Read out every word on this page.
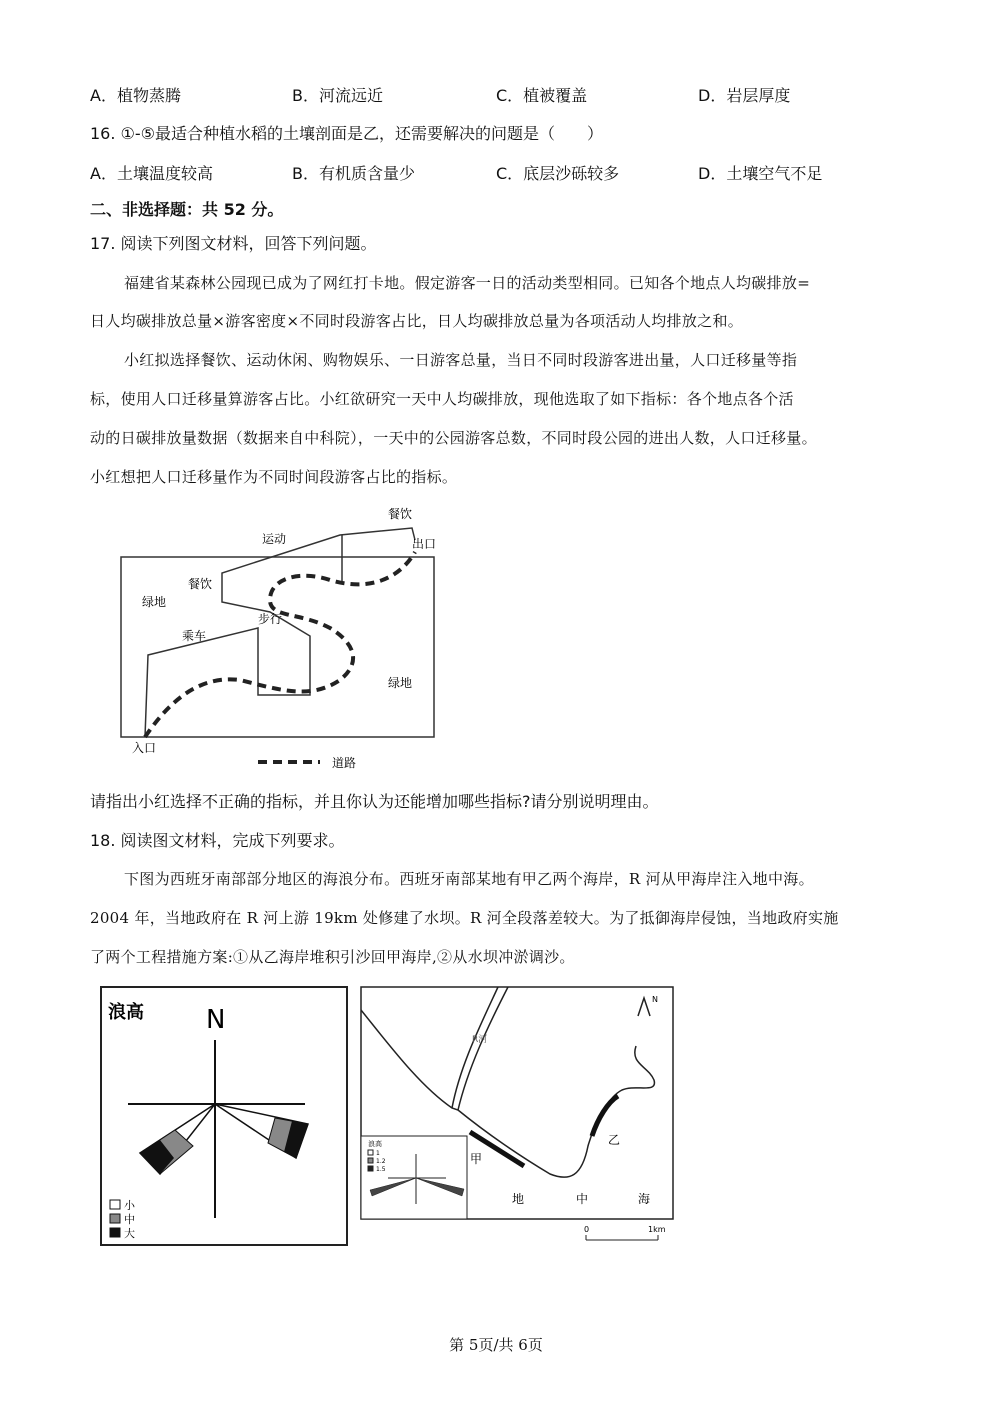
A．植物蒸腾	B．河流远近	C．植被覆盖	D．岩层厚度
16. ①-⑤最适合种植水稻的土壤剖面是乙，还需要解决的问题是（　　）
A．土壤温度较高	B．有机质含量少	C．底层沙砾较多	D．土壤空气不足
二、非选择题：共 52 分。
17. 阅读下列图文材料，回答下列问题。
福建省某森林公园现已成为了网红打卡地。假定游客一日的活动类型相同。已知各个地点人均碳排放=
日人均碳排放总量×游客密度×不同时段游客占比，日人均碳排放总量为各项活动人均排放之和。
小红拟选择餐饮、运动休闲、购物娱乐、一日游客总量，当日不同时段游客进出量，人口迁移量等指
标，使用人口迁移量算游客占比。小红欲研究一天中人均碳排放，现他选取了如下指标：各个地点各个活
动的日碳排放量数据（数据来自中科院），一天中的公园游客总数，不同时段公园的进出人数，人口迁移量。
小红想把人口迁移量作为不同时间段游客占比的指标。
餐饮
运动	出口
餐饮
绿地
步行
乘车
绿地
入口
道路
请指出小红选择不正确的指标，并且你认为还能增加哪些指标?请分别说明理由。
18. 阅读图文材料，完成下列要求。
下图为西班牙南部部分地区的海浪分布。西班牙南部某地有甲乙两个海岸，R 河从甲海岸注入地中海。
2004 年，当地政府在 R 河上游 19km 处修建了水坝。R 河全段落差较大。为了抵御海岸侵蚀，当地政府实施
了两个工程措施方案:①从乙海岸堆积引沙回甲海岸,②从水坝冲淤调沙。
浪高 N
小
中
大
R河
甲
乙
地	中	海
N
浪高
1
1.2
1.5
0	1km
第 5页/共 6页
